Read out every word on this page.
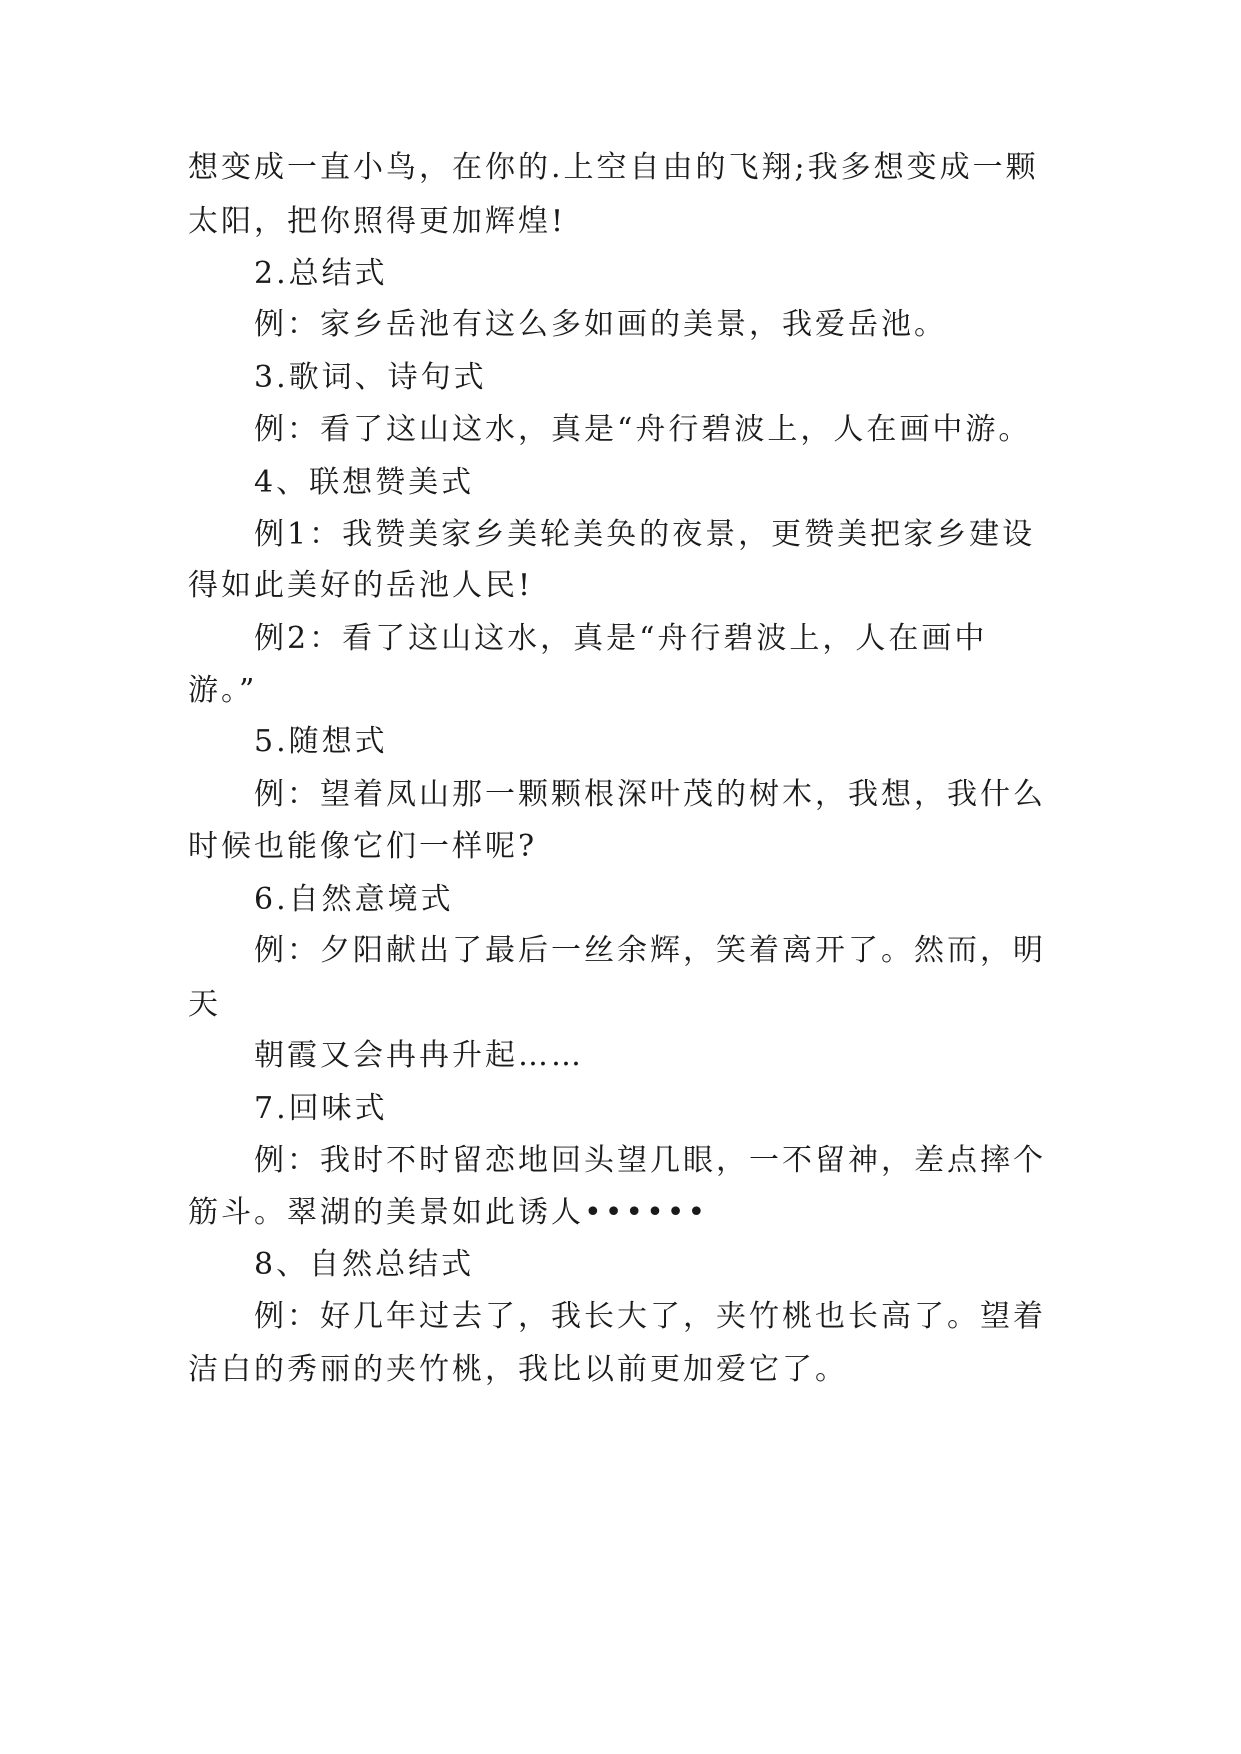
想变成一直小鸟，在你的.上空自由的飞翔;我多想变成一颗
太阳，把你照得更加辉煌!
2.总结式
例：家乡岳池有这么多如画的美景，我爱岳池。
3.歌词、诗句式
例：看了这山这水，真是“舟行碧波上，人在画中游。
4、联想赞美式
例1：我赞美家乡美轮美奂的夜景，更赞美把家乡建设
得如此美好的岳池人民!
例2：看了这山这水，真是“舟行碧波上，人在画中
游。”
5.随想式
例：望着凤山那一颗颗根深叶茂的树木，我想，我什么
时候也能像它们一样呢?
6.自然意境式
例：夕阳献出了最后一丝余辉，笑着离开了。然而，明
天
朝霞又会冉冉升起……
7.回味式
例：我时不时留恋地回头望几眼，一不留神，差点摔个
筋斗。翠湖的美景如此诱人••••••
8、自然总结式
例：好几年过去了，我长大了，夹竹桃也长高了。望着
洁白的秀丽的夹竹桃，我比以前更加爱它了。
